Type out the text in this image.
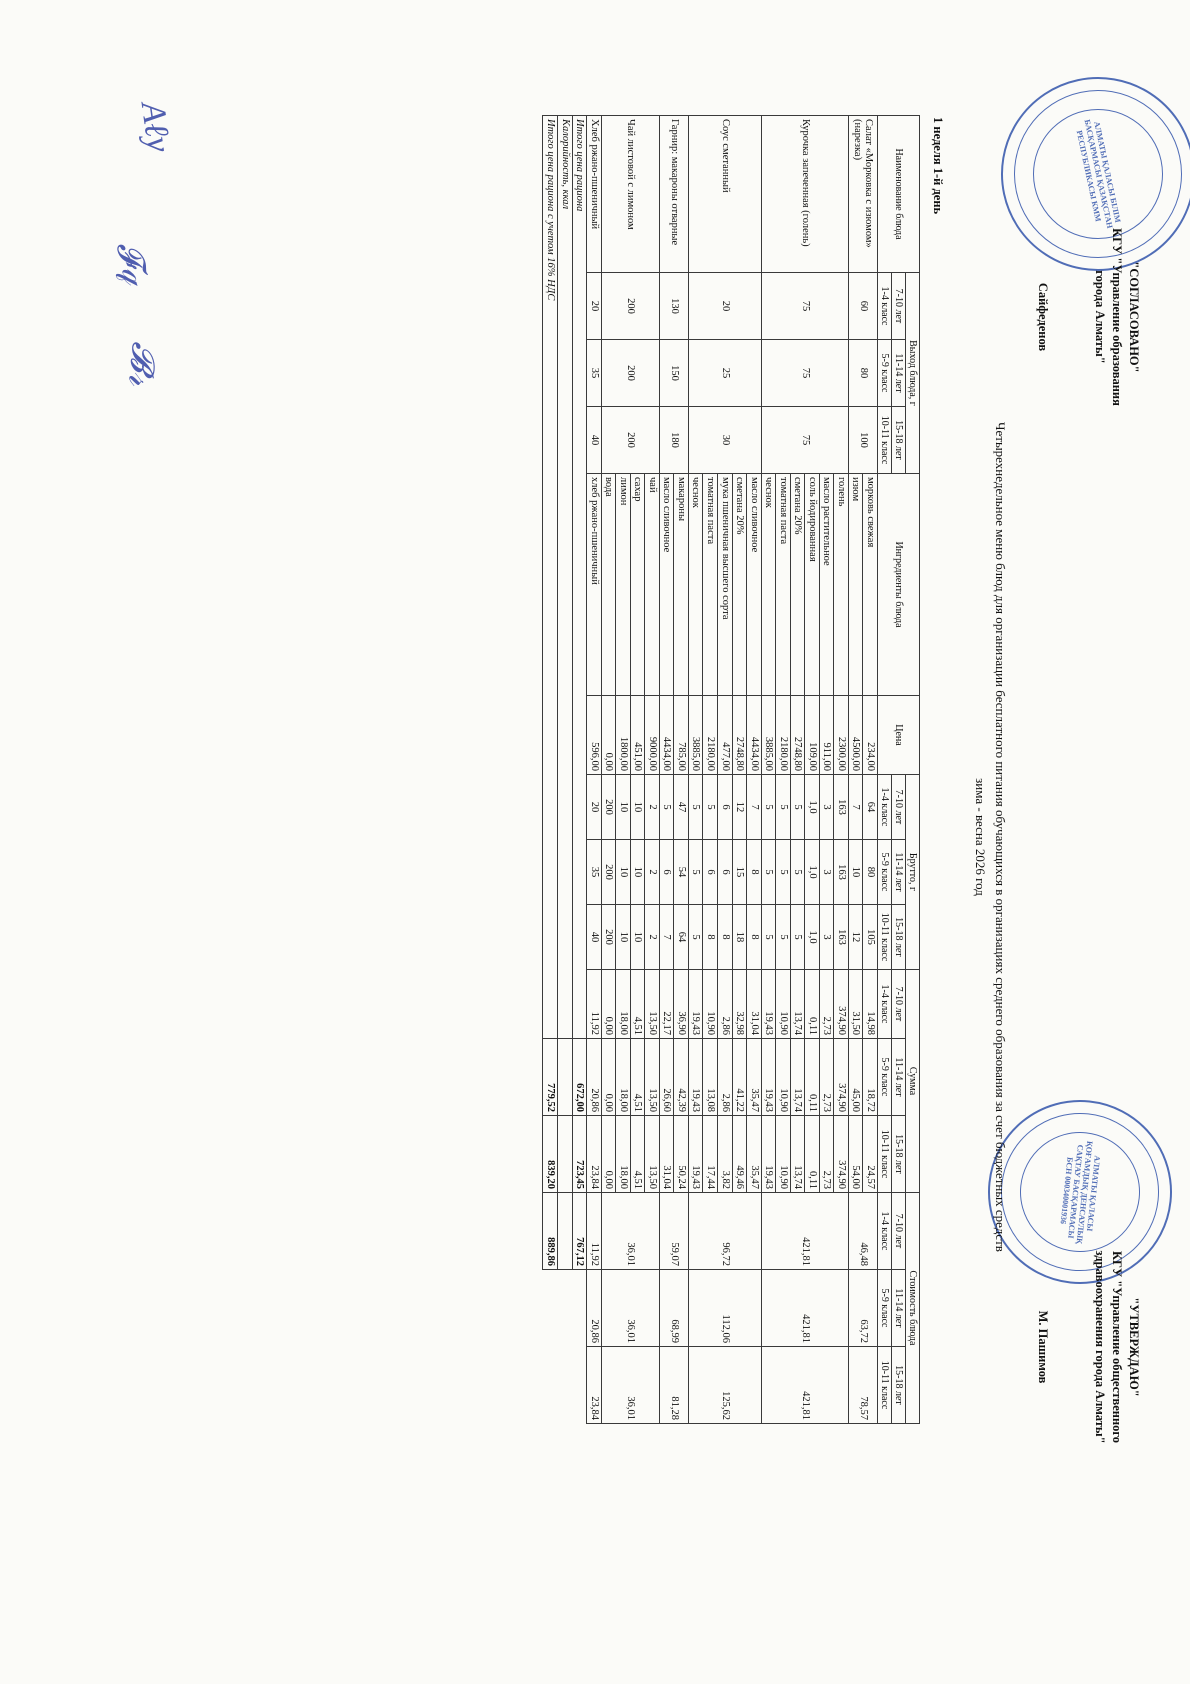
АЛМАТЫ ҚАЛАСЫ БІЛІМ БАСҚАРМАСЫ ҚАЗАҚСТАН РЕСПУБЛИКАСЫ КММ
АЛМАТЫ ҚАЛАСЫ ҚОҒАМДЫҚ ДЕНСАУЛЫҚ САҚТАУ БАСҚАРМАСЫ БСН 000340001936
"СОГЛАСОВАНО"
КГУ "Управление образования
города Алматы"
Сайфеденов
"УТВЕРЖДАЮ"
КГУ "Управление общественного
здравоохранения города Алматы"
М. Пашимов
Четырехнедельное меню блюд для организации бесплатного питания обучающихся в организациях среднего образования за счет бюджетных средств
зима - весна 2026 год
1 неделя 1-й день
Наименование блюда	Выход блюда, г			Ингредиенты блюда	Цена	Брутто, г			Сумма			Стоимость блюда		
	7-10 лет	11-14 лет	15-18 лет			7-10 лет	11-14 лет	15-18 лет	7-10 лет	11-14 лет	15-18 лет	7-10 лет	11-14 лет	15-18 лет
	1-4 класс	5-9 класс	10-11 класс			1-4 класс	5-9 класс	10-11 класс	1-4 класс	5-9 класс	10-11 класс	1-4 класс	5-9 класс	10-11 класс
Салат «Морковка с изюмом» (нарезка)	60	80	100	морковь свежая	234,00	64	80	105	14,98	18,72	24,57	46,48	63,72	78,57
				изюм	4500,00	7	10	12	31,50	45,00	54,00			
Курочка запеченная (голень)	75	75	75	голень	2300,00	163	163	163	374,90	374,90	374,90	421,81	421,81	421,81
				масло растительное	911,00	3	3	3	2,73	2,73	2,73			
				соль йодированная	109,00	1,0	1,0	1,0	0,11	0,11	0,11			
				сметана 20%	2748,80	5	5	5	13,74	13,74	13,74			
				томатная паста	2180,00	5	5	5	10,90	10,90	10,90			
				чеснок	3885,00	5	5	5	19,43	19,43	19,43			
Соус сметанный	20	25	30	масло сливочное	4434,00	7	8	8	31,04	35,47	35,47	96,72	112,06	125,62
				сметана 20%	2748,80	12	15	18	32,98	41,22	49,46			
				мука пшеничная высшего сорта	477,00	6	6	8	2,86	2,86	3,82			
				томатная паста	2180,00	5	6	8	10,90	13,08	17,44			
				чеснок	3885,00	5	5	5	19,43	19,43	19,43			
Гарнир: макароны отварные	130	150	180	макароны	785,00	47	54	64	36,90	42,39	50,24	59,07	68,99	81,28
				масло сливочное	4434,00	5	6	7	22,17	26,60	31,04			
Чай листовой с лимоном	200	200	200	чай	9000,00	2	2	2	13,50	13,50	13,50	36,01	36,01	36,01
				сахар	451,00	10	10	10	4,51	4,51	4,51			
				лимон	1800,00	10	10	10	18,00	18,00	18,00			
				вода	0,00	200	200	200	0,00	0,00	0,00			
Хлеб ржано-пшеничный	20	35	40	хлеб ржано-пшеничный	596,00	20	35	40	11,92	20,86	23,84	11,92	20,86	23,84
Итого цена рациона										672,00	723,45	767,12		
Калорийность, ккал														
Итого цена рациона с учетом 16% НДС										779,52	839,20	889,86		
Aℓy
𝓕𝓆
𝓑𝓇
